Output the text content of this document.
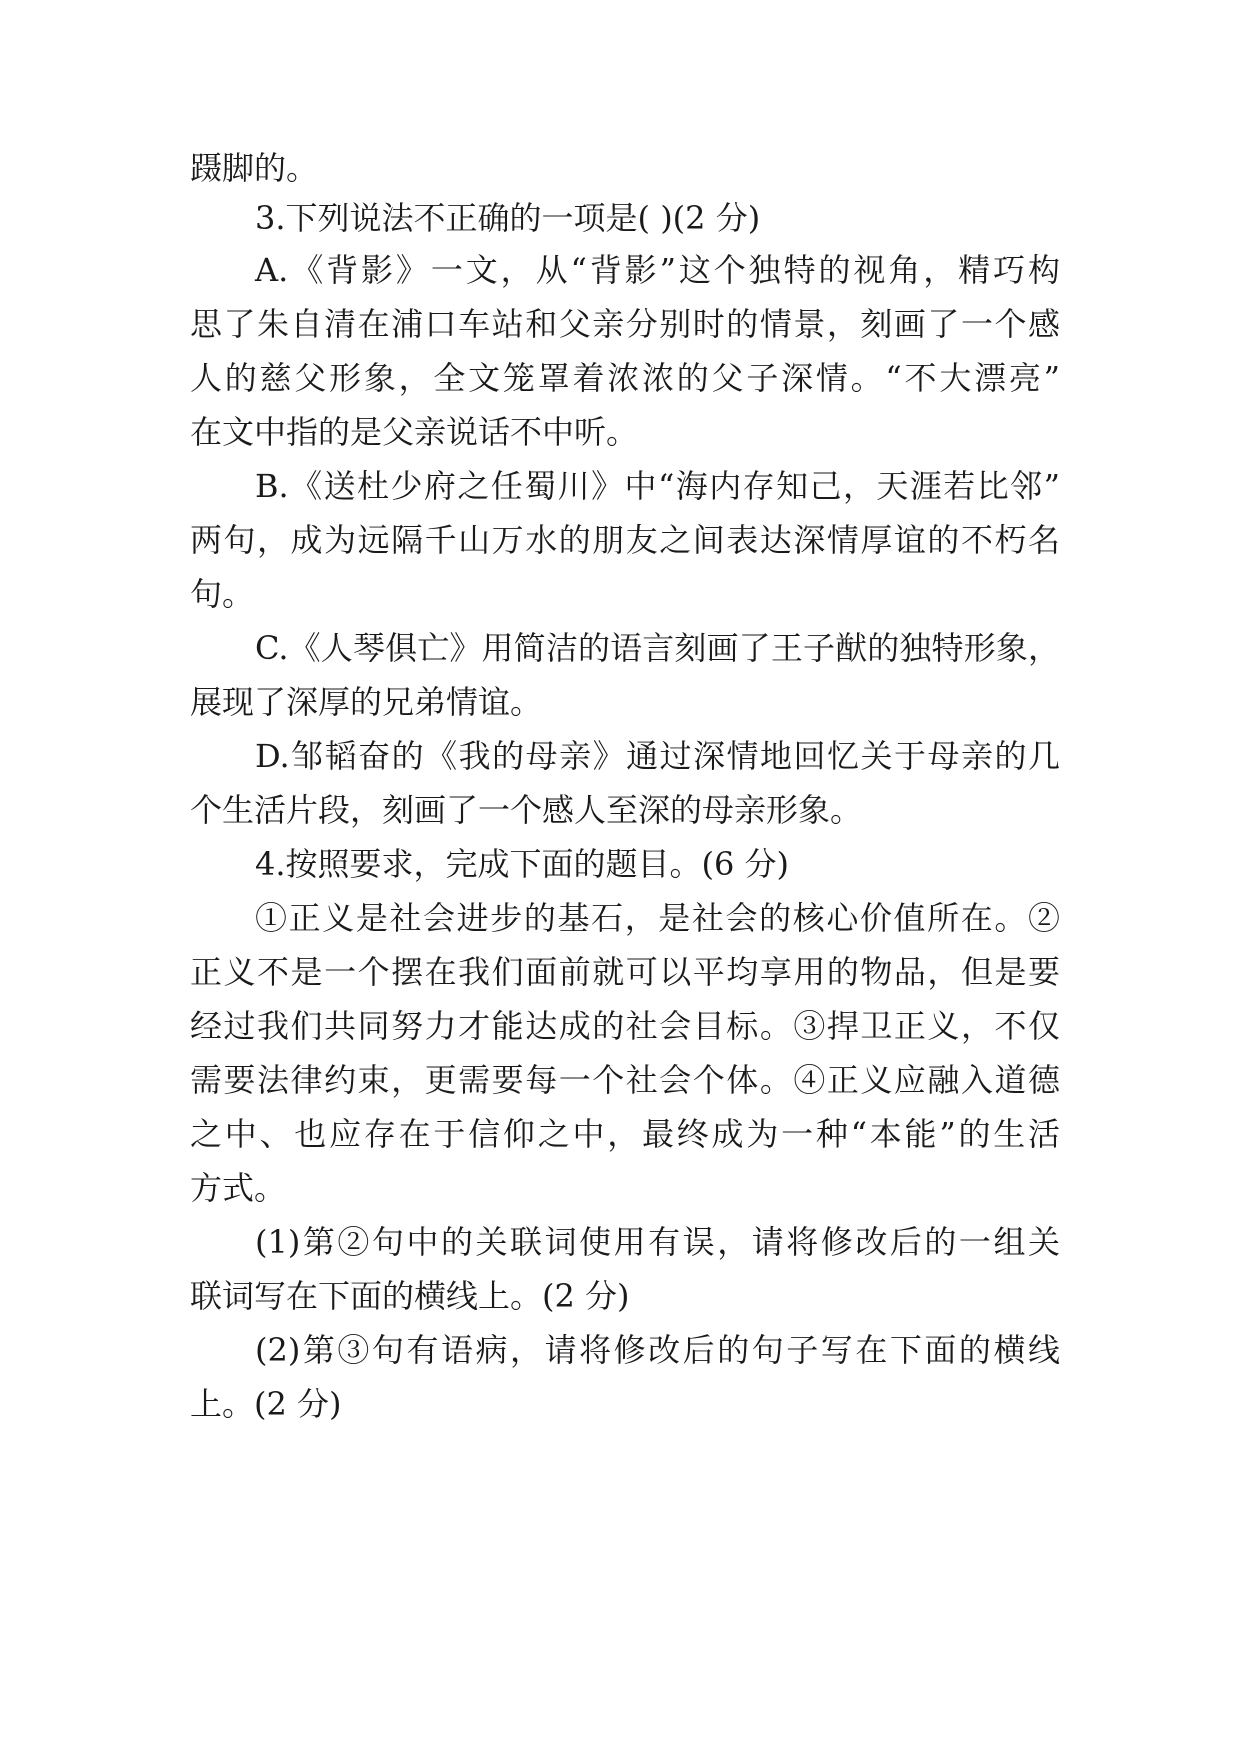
蹑脚的。
3.下列说法不正确的一项是( )(2 分)
A.《背影》一文，从“背影”这个独特的视角，精巧构
思了朱自清在浦口车站和父亲分别时的情景，刻画了一个感
人的慈父形象，全文笼罩着浓浓的父子深情。“不大漂亮”
在文中指的是父亲说话不中听。
B.《送杜少府之任蜀川》中“海内存知己，天涯若比邻”
两句，成为远隔千山万水的朋友之间表达深情厚谊的不朽名
句。
C.《人琴俱亡》用简洁的语言刻画了王子猷的独特形象，
展现了深厚的兄弟情谊。
D.邹韬奋的《我的母亲》通过深情地回忆关于母亲的几
个生活片段，刻画了一个感人至深的母亲形象。
4.按照要求，完成下面的题目。(6 分)
①正义是社会进步的基石，是社会的核心价值所在。②
正义不是一个摆在我们面前就可以平均享用的物品，但是要
经过我们共同努力才能达成的社会目标。③捍卫正义，不仅
需要法律约束，更需要每一个社会个体。④正义应融入道德
之中、也应存在于信仰之中，最终成为一种“本能”的生活
方式。
(1)第②句中的关联词使用有误，请将修改后的一组关
联词写在下面的横线上。(2 分)
(2)第③句有语病，请将修改后的句子写在下面的横线
上。(2 分)
